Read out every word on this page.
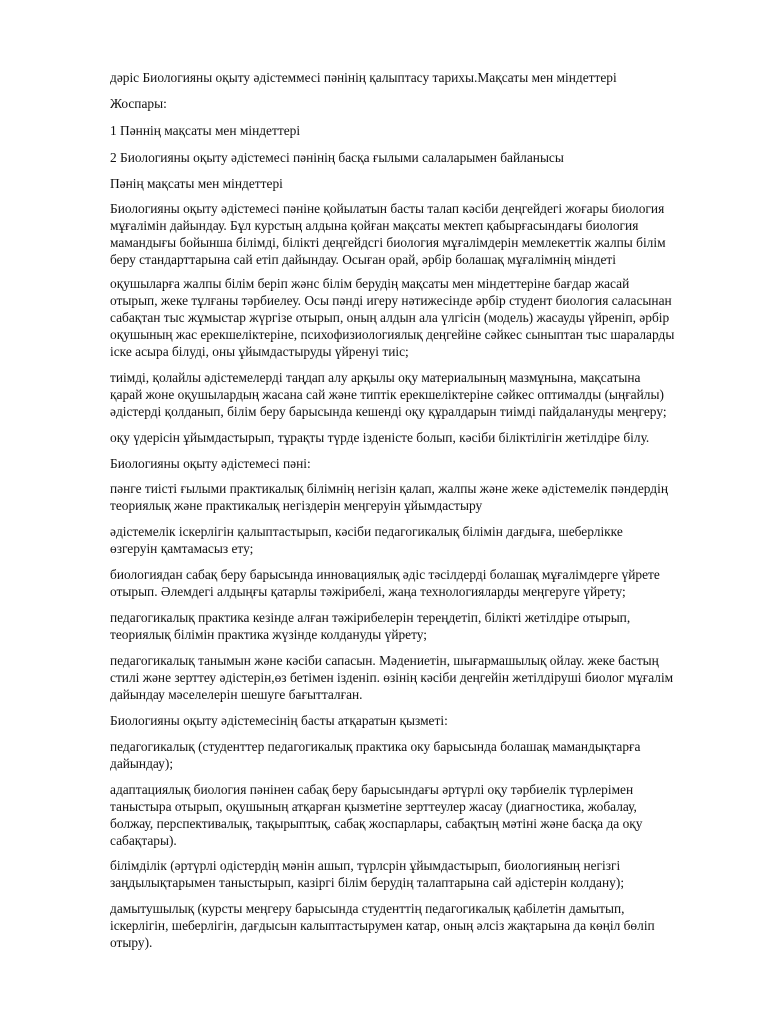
дәріс Биологияны оқыту әдістеммесі пәнінің қалыптасу тарихы.Мақсаты мен міндеттері

Жоспары:

1 Пәннің мақсаты мен міндеттері

2 Биологияны оқыту әдістемесі пәнінің басқа ғылыми салаларымен байланысы

Пәнің мақсаты мен міндеттері

Биологияны оқыту әдістемесі пәніне қойылатын басты талап кәсіби деңгейдегі жоғары биология
мұғалімін дайындау. Бұл курстың алдына қойған мақсаты мектеп қабырғасындағы биология
мамандығы бойынша білімді, білікті деңгейдсгі биология мұғалімдерін мемлекеттік жалпы білім
беру стандарттарына сай етіп дайындау. Осыған орай, әрбір болашақ мұғалімнің міндеті

оқушыларға жалпы білім беріп жәнс білім берудің мақсаты мен міндеттеріне бағдар жасай
отырып, жеке тұлғаны тәрбиелеу. Осы пәнді игеру нәтижесінде әрбір студент биология саласынан
сабақтан тыс жұмыстар жүргізе отырып, оның алдын ала үлгісін (модель) жасауды үйреніп, әрбір
оқушының жас ерекшеліктеріне, психофизиологиялық деңгейіне сәйкес сыныптан тыс шараларды
іске асыра білуді, оны ұйымдастыруды үйренуі тиіс;

тиімді, қолайлы әдістемелерді таңдап алу арқылы оқу материалының мазмұнына, мақсатына
қарай жоне оқушылардың жасана сай және типтік ерекшеліктеріне сәйкес оптималды (ыңғайлы)
әдістерді қолданып, білім беру барысында кешенді оқу құралдарын тиімді пайдалануды меңгеру;

оқу үдерісін ұйымдастырып, тұрақты түрде ізденісте болып, кәсіби біліктілігін жетілдіре білу.

Биологияны оқыту әдістемесі пәні:

пәнге тиісті ғылыми практикалық білімнің негізін қалап, жалпы және жеке әдістемелік пәндердің
теориялық және практикалық негіздерін меңгеруін ұйымдастыру

әдістемелік іскерлігін қалыптастырып, кәсіби педагогикалық білімін дағдыға, шеберлікке
өзгеруін қамтамасыз ету;

биологиядан сабақ беру барысында инновациялық әдіс тәсілдерді болашақ мұғалімдерге үйрете
отырып. Әлемдегі алдыңғы қатарлы тәжірибелі, жаңа технологияларды меңгеруге үйрету;

педагогикалық практика кезінде алған тәжірибелерін тереңдетіп, білікті жетілдіре отырып,
теориялық білімін практика жүзінде колдануды үйрету;

педагогикалық танымын және кәсіби сапасын. Мәдениетін, шығармашылық ойлау. жеке бастың
стилі және зерттеу әдістерін,өз бетімен ізденіп. өзінің кәсіби деңгейін жетілдіруші биолог мұғалім
дайындау мәселелерін шешуге бағытталған.

Биологияны оқыту әдістемесінің басты атқаратын қызметі:

педагогикалық (студенттер педагогикалық практика оку барысында болашақ мамандықтарға
дайындау);

адаптациялық биология пәнінен сабақ беру барысындағы әртүрлі оқу тәрбиелік түрлерімен
таныстыра отырып, оқушының атқарған қызметіне зерттеулер жасау (диагностика, жобалау,
болжау, перспективалық, тақырыптық, сабақ жоспарлары, сабақтың мәтіні және басқа да оқу
сабақтары).

білімділік (әртүрлі одістердің мәнін ашып, түрлсрін ұйымдастырып, биологияның негізгі
заңдылықтарымен таныстырып, казіргі білім берудің талаптарына сай әдістерін колдану);

дамытушылық (курсты меңгеру барысында студенттің педагогикалық қабілетін дамытып,
іскерлігін, шеберлігін, дағдысын калыптастырумен катар, оның әлсіз жақтарына да көңіл бөліп
отыру).
